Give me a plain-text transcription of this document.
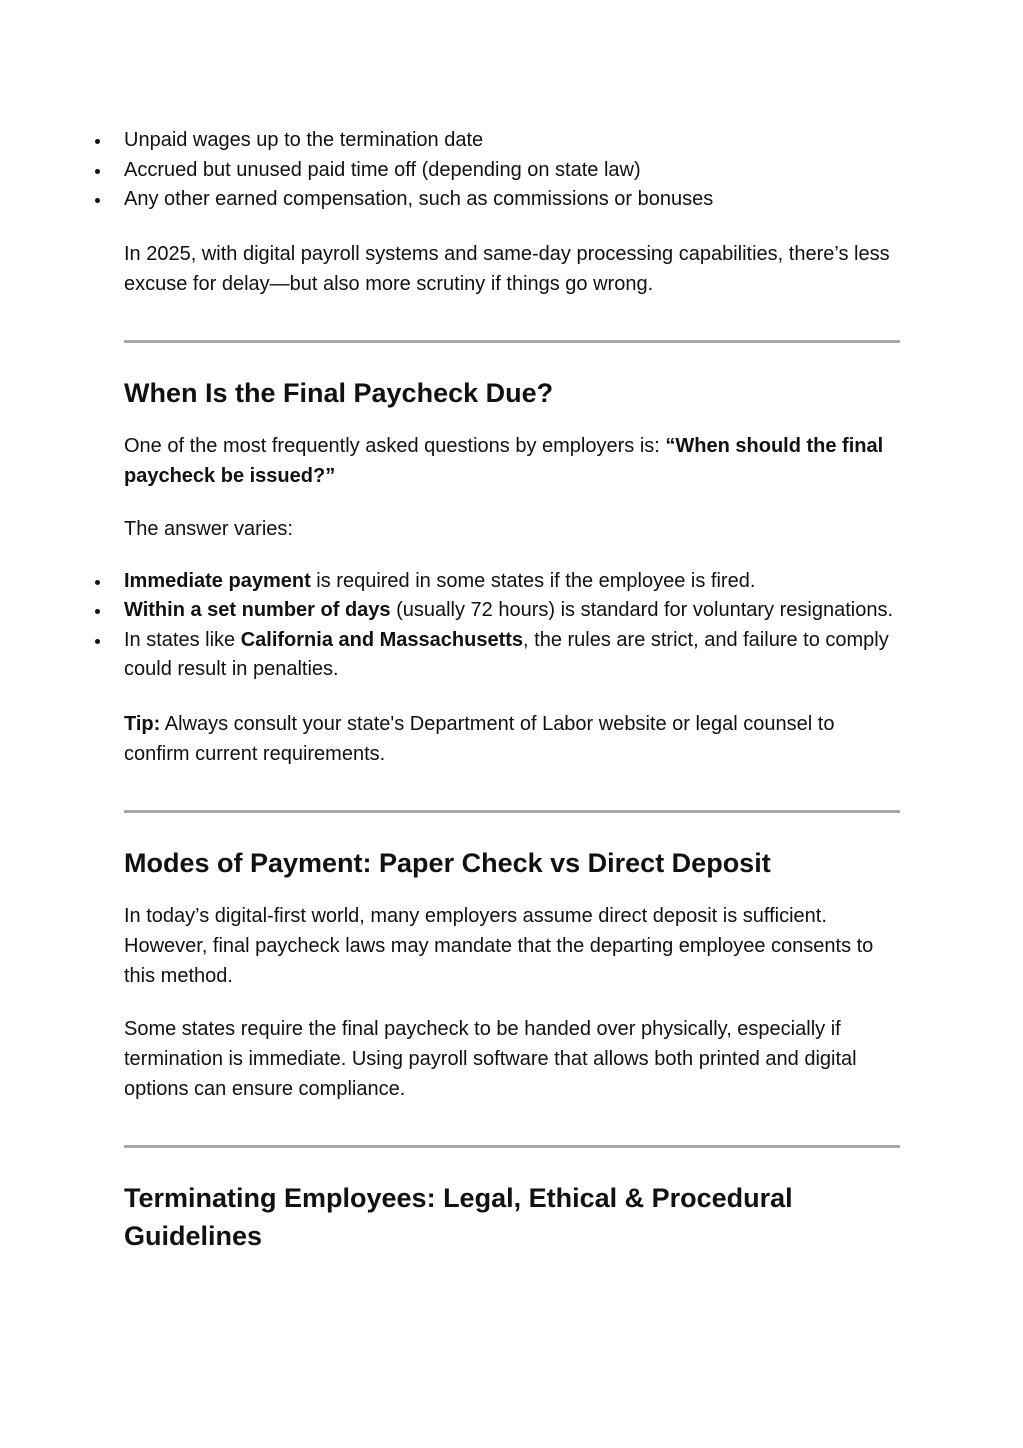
Unpaid wages up to the termination date
Accrued but unused paid time off (depending on state law)
Any other earned compensation, such as commissions or bonuses

In 2025, with digital payroll systems and same-day processing capabilities, there’s less excuse for delay—but also more scrutiny if things go wrong.

When Is the Final Paycheck Due?

One of the most frequently asked questions by employers is: “When should the final paycheck be issued?”

The answer varies:

Immediate payment is required in some states if the employee is fired.
Within a set number of days (usually 72 hours) is standard for voluntary resignations.
In states like California and Massachusetts, the rules are strict, and failure to comply could result in penalties.

Tip: Always consult your state's Department of Labor website or legal counsel to confirm current requirements.

Modes of Payment: Paper Check vs Direct Deposit

In today’s digital-first world, many employers assume direct deposit is sufficient. However, final paycheck laws may mandate that the departing employee consents to this method.

Some states require the final paycheck to be handed over physically, especially if termination is immediate. Using payroll software that allows both printed and digital options can ensure compliance.

Terminating Employees: Legal, Ethical & Procedural Guidelines
